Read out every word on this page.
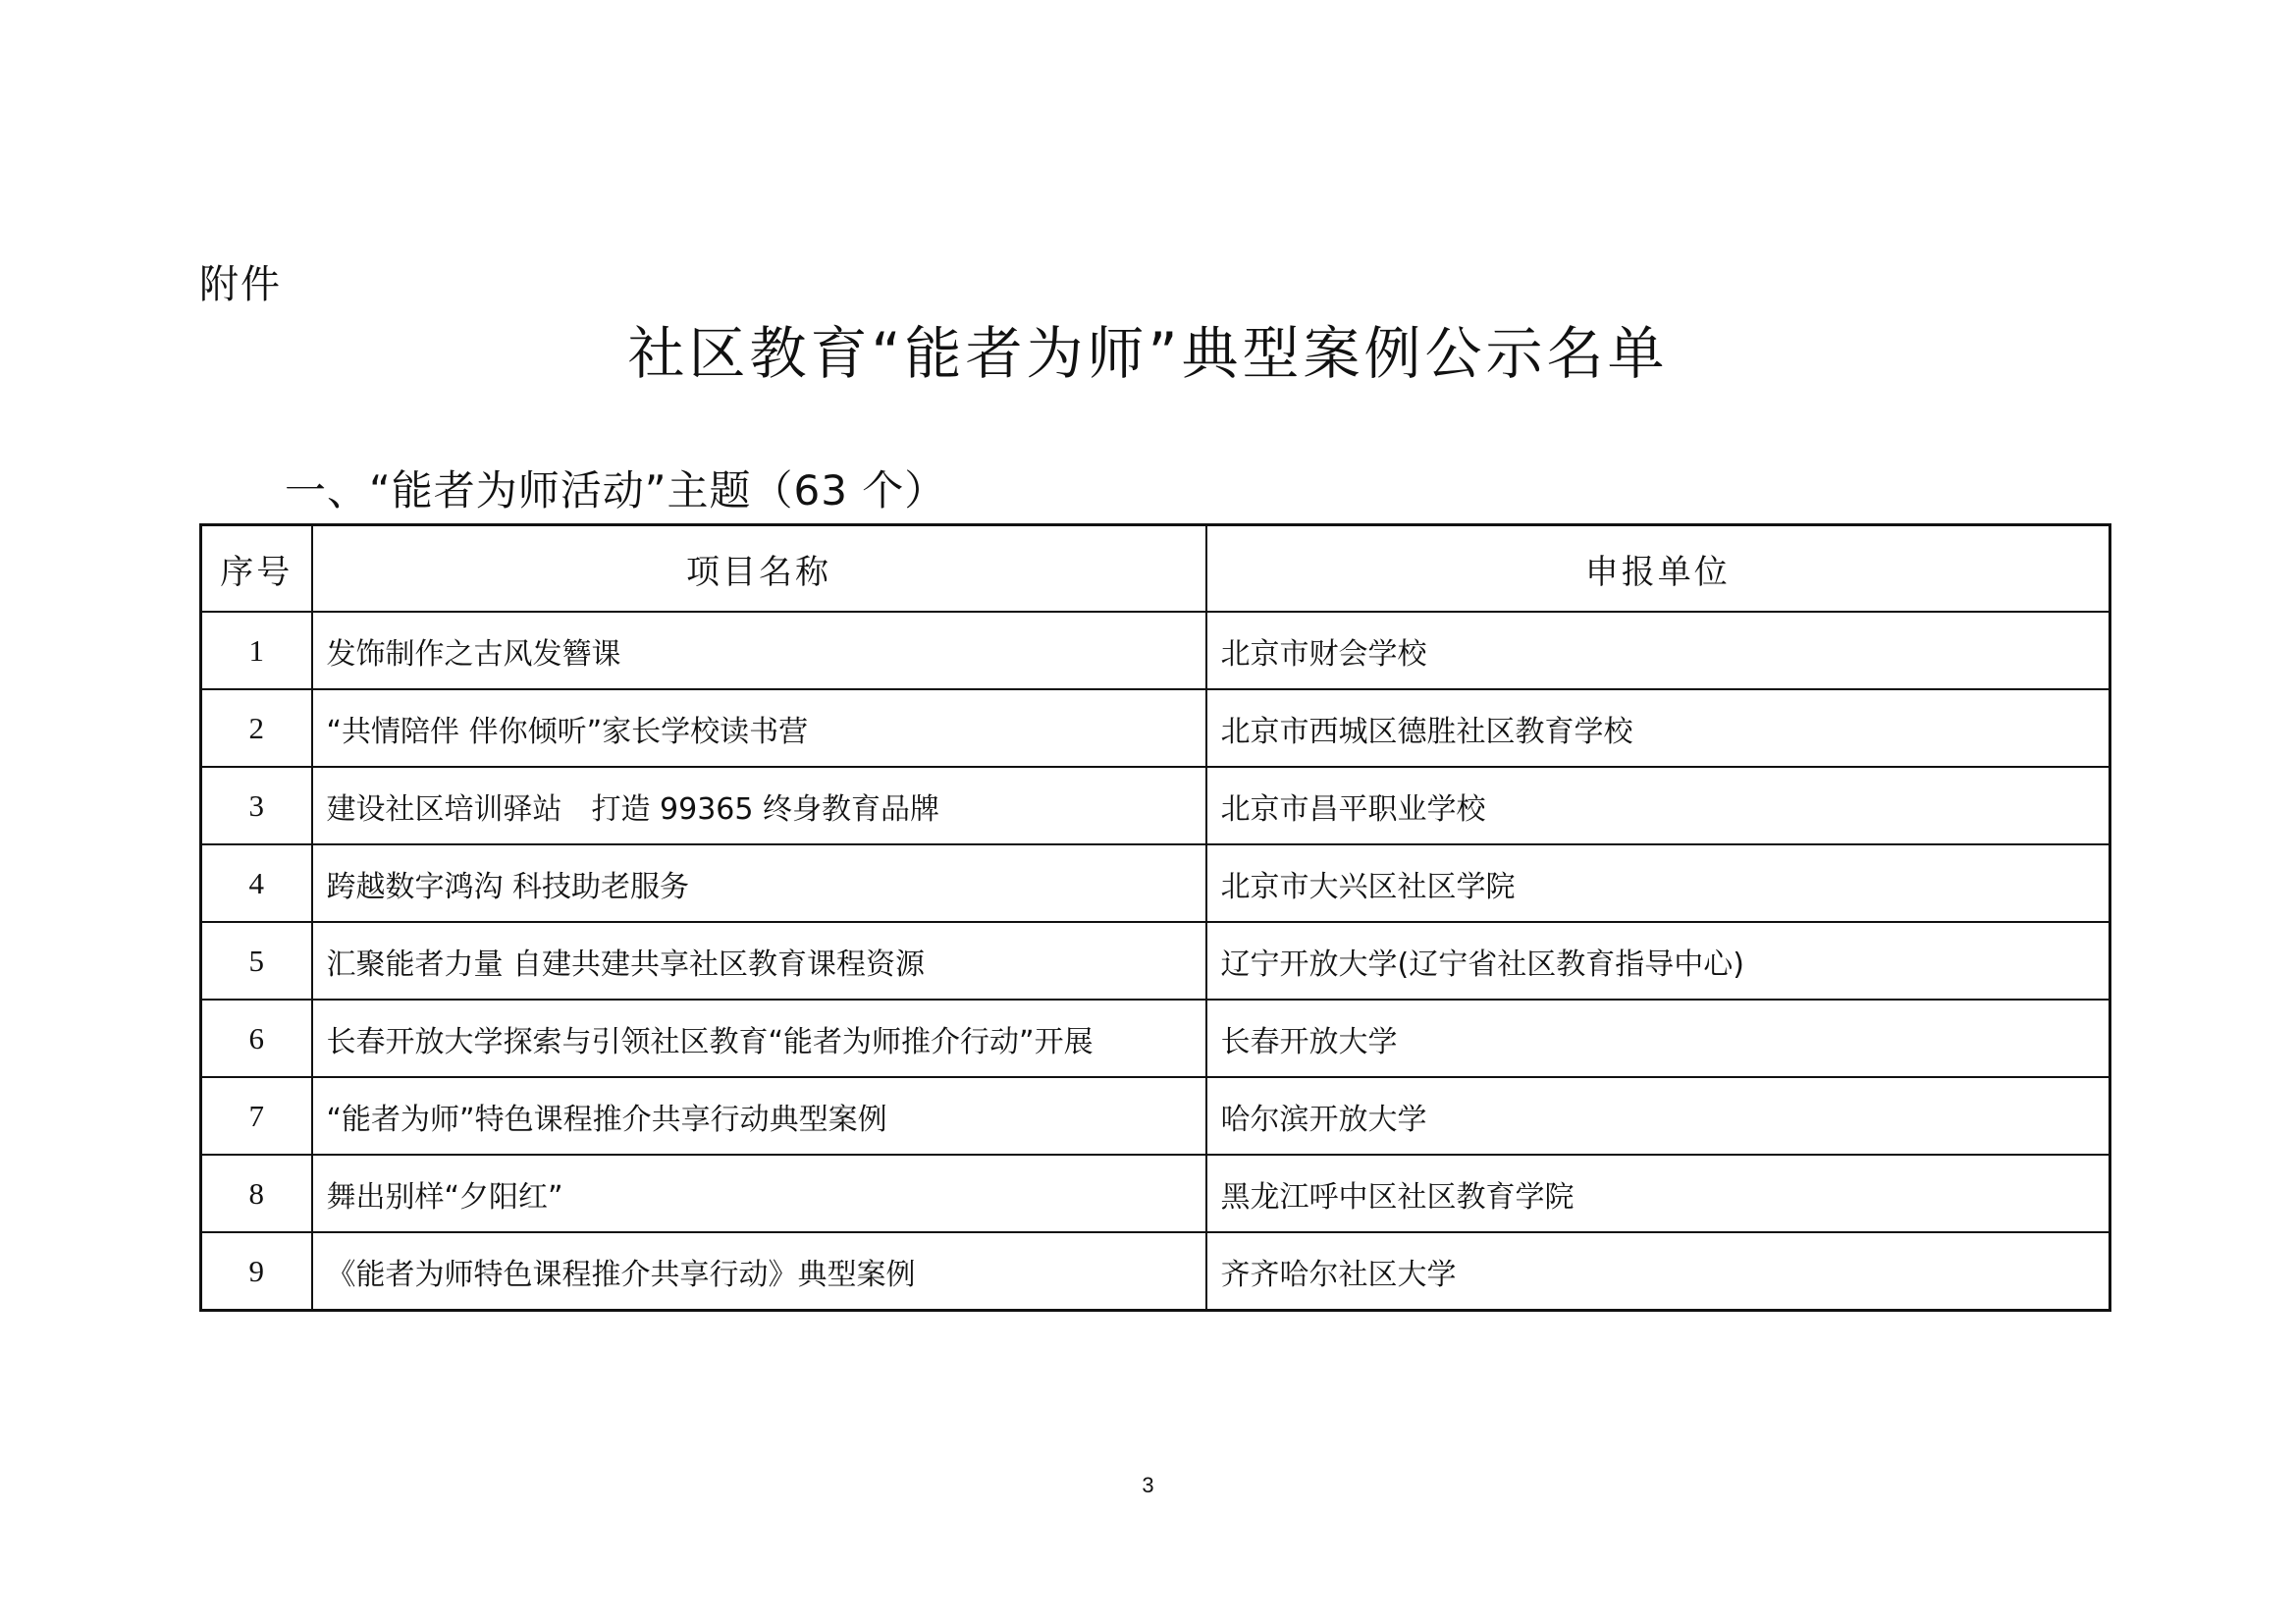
附件
社区教育“能者为师”典型案例公示名单
一、“能者为师活动”主题（63 个）
序号	项目名称	申报单位
1	发饰制作之古风发簪课	北京市财会学校
2	“共情陪伴 伴你倾听”家长学校读书营	北京市西城区德胜社区教育学校
3	建设社区培训驿站　打造 99365 终身教育品牌	北京市昌平职业学校
4	跨越数字鸿沟 科技助老服务	北京市大兴区社区学院
5	汇聚能者力量 自建共建共享社区教育课程资源	辽宁开放大学(辽宁省社区教育指导中心)
6	长春开放大学探索与引领社区教育“能者为师推介行动”开展	长春开放大学
7	“能者为师”特色课程推介共享行动典型案例	哈尔滨开放大学
8	舞出别样“夕阳红”	黑龙江呼中区社区教育学院
9	《能者为师特色课程推介共享行动》典型案例	齐齐哈尔社区大学
3
